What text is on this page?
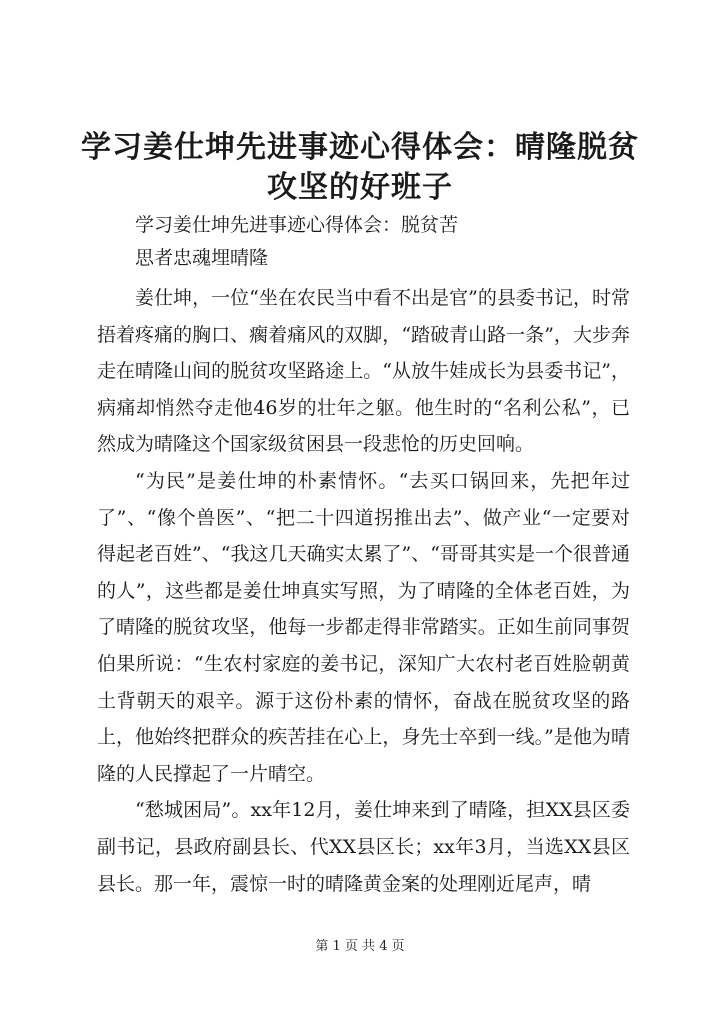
学习姜仕坤先进事迹心得体会：晴隆脱贫攻坚的好班子

学习姜仕坤先进事迹心得体会：脱贫苦

思者忠魂埋晴隆

姜仕坤，一位“坐在农民当中看不出是官”的县委书记，时常捂着疼痛的胸口、瘸着痛风的双脚，“踏破青山路一条”，大步奔走在晴隆山间的脱贫攻坚路途上。“从放牛娃成长为县委书记”，病痛却悄然夺走他46岁的壮年之躯。他生时的“名利公私”，已然成为晴隆这个国家级贫困县一段悲怆的历史回响。

“为民”是姜仕坤的朴素情怀。“去买口锅回来，先把年过了”、“像个兽医”、“把二十四道拐推出去”、做产业“一定要对得起老百姓”、“我这几天确实太累了”、“哥哥其实是一个很普通的人”，这些都是姜仕坤真实写照，为了晴隆的全体老百姓，为了晴隆的脱贫攻坚，他每一步都走得非常踏实。正如生前同事贺伯果所说：“生农村家庭的姜书记，深知广大农村老百姓脸朝黄土背朝天的艰辛。源于这份朴素的情怀，奋战在脱贫攻坚的路上，他始终把群众的疾苦挂在心上，身先士卒到一线。”是他为晴隆的人民撑起了一片晴空。

“愁城困局”。xx年12月，姜仕坤来到了晴隆，担XX县区委副书记，县政府副县长、代XX县区长；xx年3月，当选XX县区县长。那一年，震惊一时的晴隆黄金案的处理刚近尾声，晴

第 1 页 共 4 页
